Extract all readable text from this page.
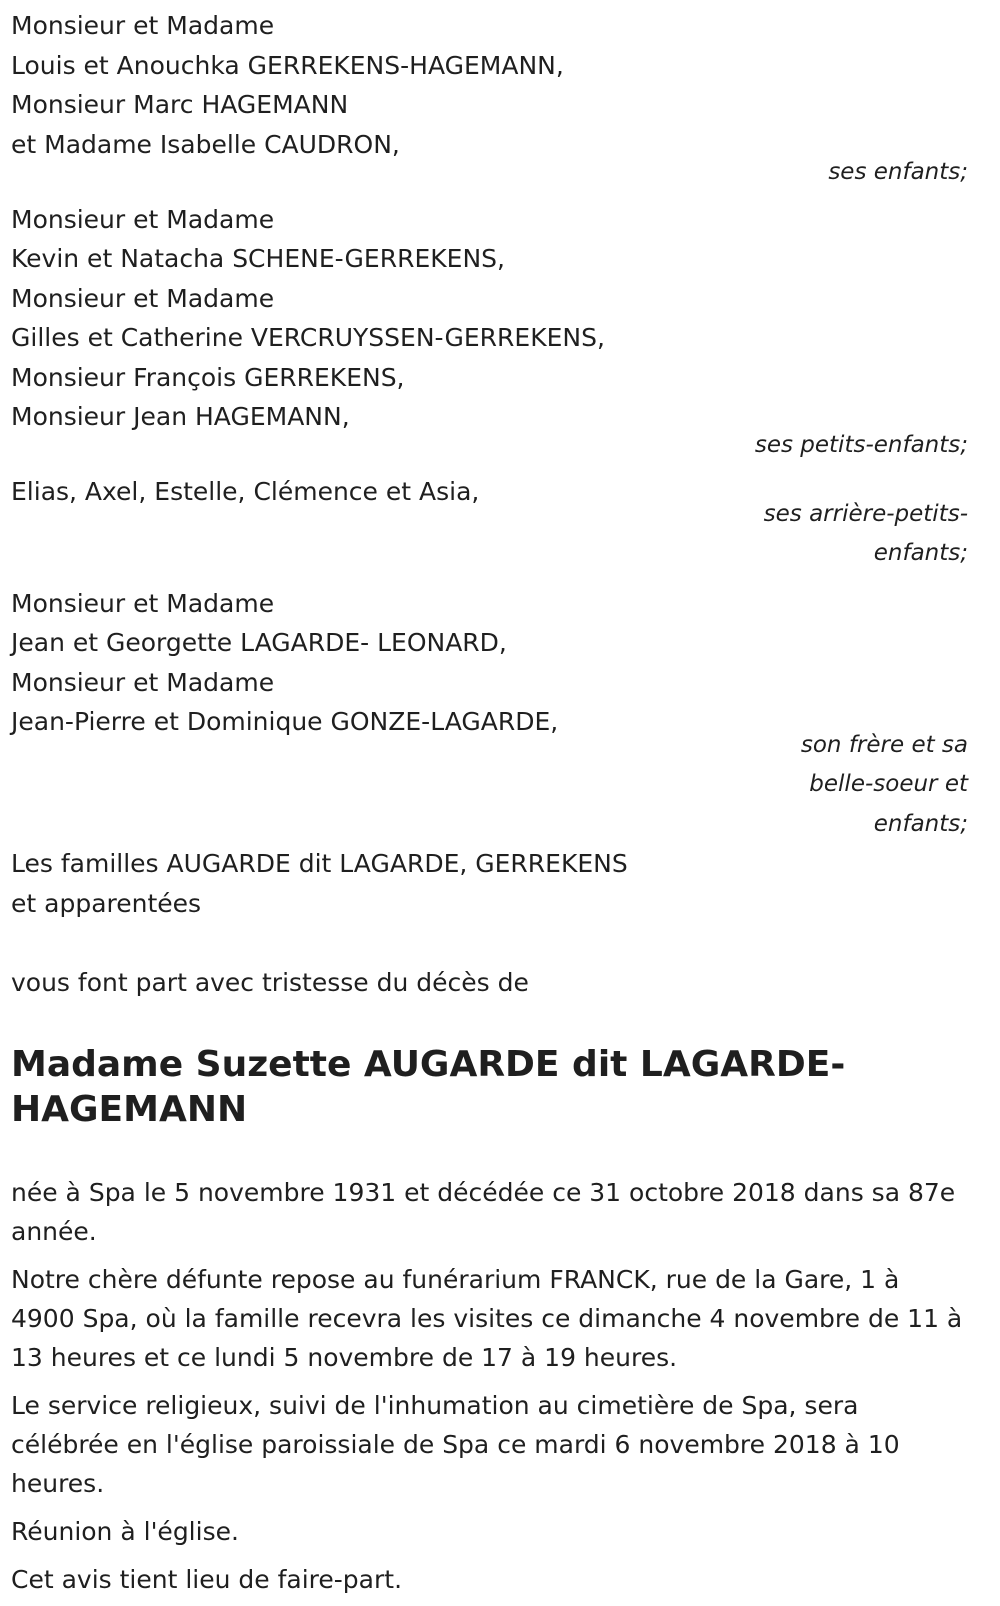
Monsieur et Madame
Louis et Anouchka GERREKENS-HAGEMANN,
Monsieur Marc HAGEMANN
et Madame Isabelle CAUDRON,
ses enfants;
Monsieur et Madame
Kevin et Natacha SCHENE-GERREKENS,
Monsieur et Madame
Gilles et Catherine VERCRUYSSEN-GERREKENS,
Monsieur François GERREKENS,
Monsieur Jean HAGEMANN,
ses petits-enfants;
Elias, Axel, Estelle, Clémence et Asia,
ses arrière-petits-
enfants;
Monsieur et Madame
Jean et Georgette LAGARDE- LEONARD,
Monsieur et Madame
Jean-Pierre et Dominique GONZE-LAGARDE,
son frère et sa
belle-soeur et
enfants;
Les familles AUGARDE dit LAGARDE, GERREKENS
et apparentées
vous font part avec tristesse du décès de
Madame Suzette AUGARDE dit LAGARDE-
HAGEMANN

née à Spa le 5 novembre 1931 et décédée ce 31 octobre 2018 dans sa 87e année.

Notre chère défunte repose au funérarium FRANCK, rue de la Gare, 1 à 4900 Spa, où la famille recevra les visites ce dimanche 4 novembre de 11 à 13 heures et ce lundi 5 novembre de 17 à 19 heures.

Le service religieux, suivi de l'inhumation au cimetière de Spa, sera célébrée en l'église paroissiale de Spa ce mardi 6 novembre 2018 à 10 heures.

Réunion à l'église.

Cet avis tient lieu de faire-part.
